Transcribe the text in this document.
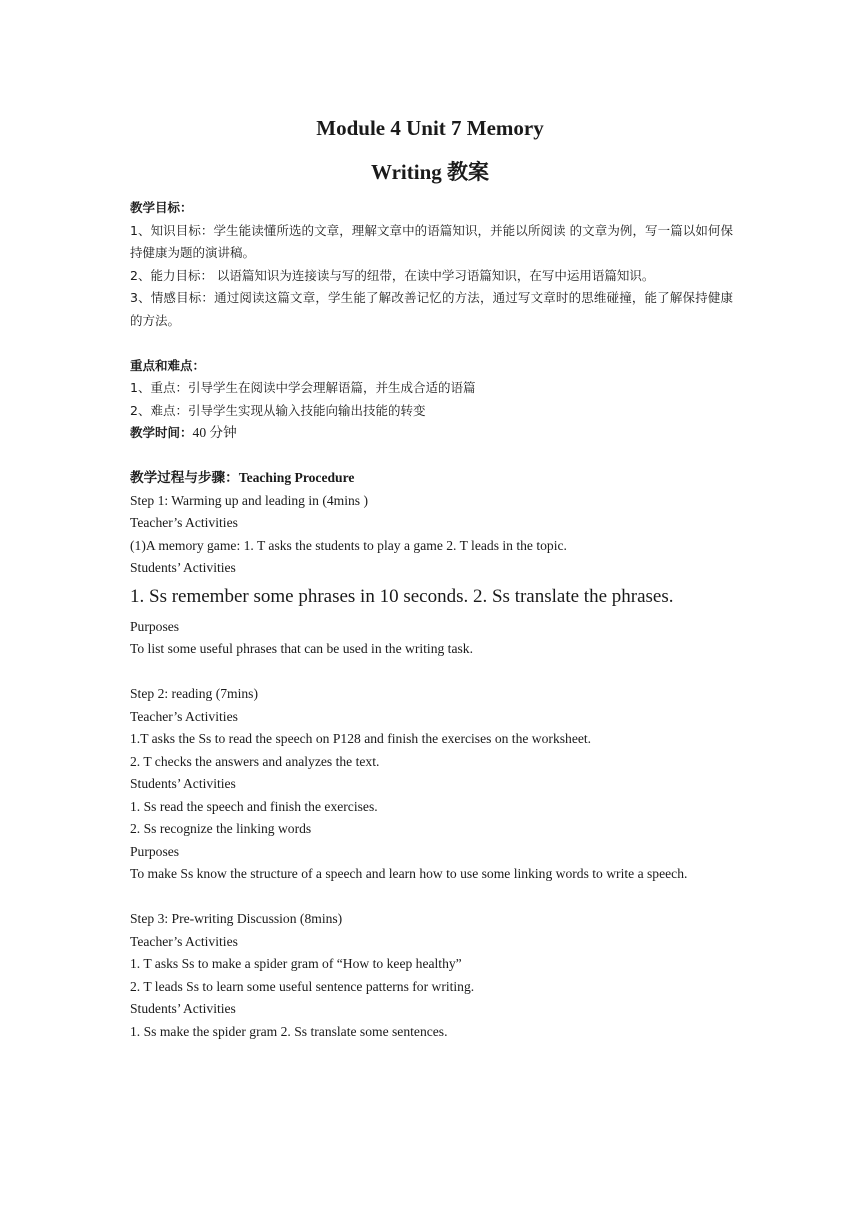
Module 4 Unit 7 Memory
Writing 教案

教学目标：

1、知识目标：学生能读懂所选的文章，理解文章中的语篇知识，并能以所阅读 的文章为例，写一篇以如何保持健康为题的演讲稿。

2、能力目标： 以语篇知识为连接读与写的纽带，在读中学习语篇知识，在写中运用语篇知识。

3、情感目标：通过阅读这篇文章，学生能了解改善记忆的方法，通过写文章时的思维碰撞，能了解保持健康的方法。

重点和难点：

1、重点：引导学生在阅读中学会理解语篇，并生成合适的语篇

2、难点：引导学生实现从输入技能向输出技能的转变

教学时间：40 分钟

教学过程与步骤：Teaching Procedure

Step 1: Warming up and leading in (4mins )

Teacher’s Activities

(1)A memory game: 1. T asks the students to play a game 2. T leads in the topic.

Students’ Activities

1. Ss remember some phrases in 10 seconds. 2. Ss translate the phrases.

Purposes

To list some useful phrases that can be used in the writing task.

Step 2: reading (7mins)

Teacher’s Activities

1.T asks the Ss to read the speech on P128 and finish the exercises on the worksheet.

2. T checks the answers and analyzes the text.

Students’ Activities

1. Ss read the speech and finish the exercises.

2. Ss recognize the linking words

Purposes

To make Ss know the structure of a speech and learn how to use some linking words to write a speech.

Step 3: Pre-writing Discussion (8mins)

Teacher’s Activities

1. T asks Ss to make a spider gram of “How to keep healthy”

2. T leads Ss to learn some useful sentence patterns for writing.

Students’ Activities

1. Ss make the spider gram 2. Ss translate some sentences.
